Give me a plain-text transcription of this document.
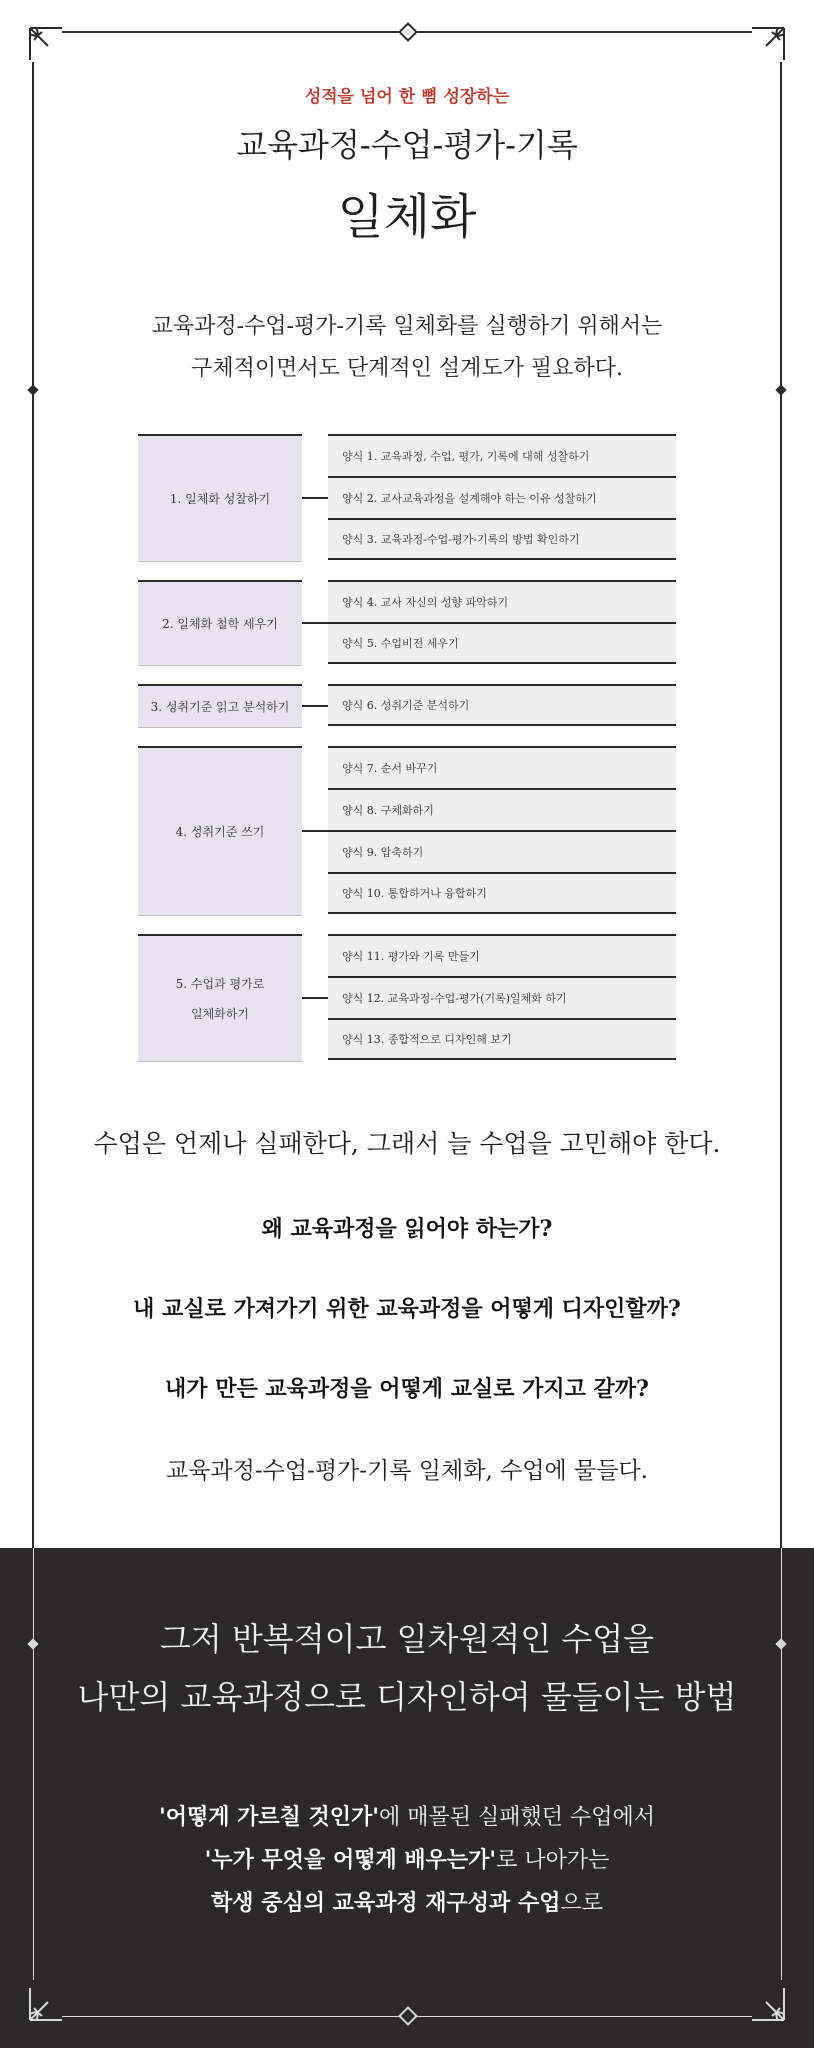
성적을 넘어 한 뼘 성장하는
교육과정-수업-평가-기록
일체화
교육과정-수업-평가-기록 일체화를 실행하기 위해서는
구체적이면서도 단계적인 설계도가 필요하다.
1. 일체화 성찰하기
양식 1. 교육과정, 수업, 평가, 기록에 대해 성찰하기
양식 2. 교사교육과정을 설계해야 하는 이유 성찰하기
양식 3. 교육과정-수업-평가-기록의 방법 확인하기
2. 일체화 철학 세우기
양식 4. 교사 자신의 성향 파악하기
양식 5. 수업비전 세우기
3. 성취기준 읽고 분석하기	양식 6. 성취기준 분석하기
4. 성취기준 쓰기
양식 7. 순서 바꾸기
양식 8. 구체화하기
양식 9. 압축하기
양식 10. 통합하거나 융합하기
5. 수업과 평가로
일체화하기
양식 11. 평가와 기록 만들기
양식 12. 교육과정-수업-평가(기록)일체화 하기
양식 13. 종합적으로 디자인해 보기
수업은 언제나 실패한다, 그래서 늘 수업을 고민해야 한다.
왜 교육과정을 읽어야 하는가?
내 교실로 가져가기 위한 교육과정을 어떻게 디자인할까?
내가 만든 교육과정을 어떻게 교실로 가지고 갈까?
교육과정-수업-평가-기록 일체화, 수업에 물들다.
그저 반복적이고 일차원적인 수업을
나만의 교육과정으로 디자인하여 물들이는 방법
'어떻게 가르칠 것인가'에 매몰된 실패했던 수업에서
'누가 무엇을 어떻게 배우는가'로 나아가는
학생 중심의 교육과정 재구성과 수업으로
